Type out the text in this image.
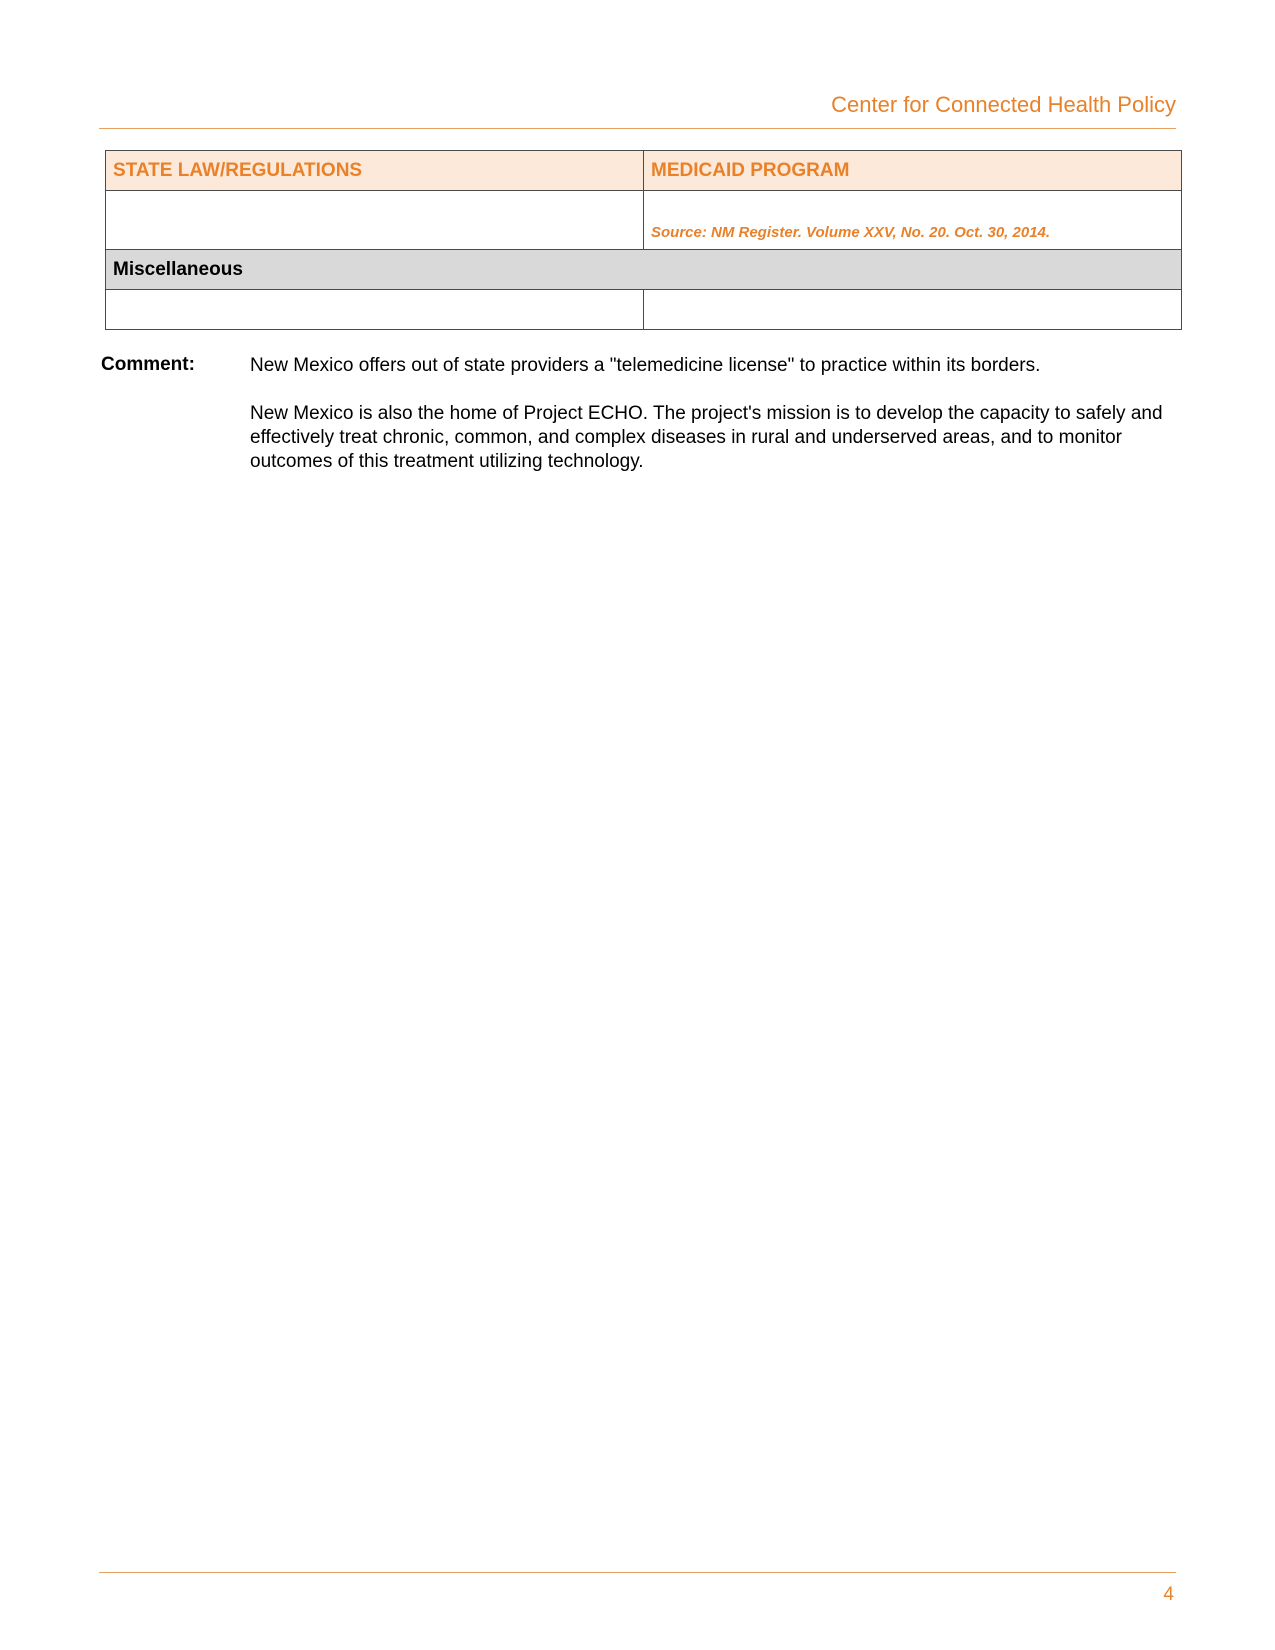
Center for Connected Health Policy
STATE LAW/REGULATIONS	MEDICAID PROGRAM

	Source: NM Register. Volume XXV, No. 20. Oct. 30, 2014.

Miscellaneous	

Comment:	New Mexico offers out of state providers a "telemedicine license" to practice within its borders.

New Mexico is also the home of Project ECHO. The project's mission is to develop the capacity to safely and effectively treat chronic, common, and complex diseases in rural and underserved areas, and to monitor outcomes of this treatment utilizing technology.

4
